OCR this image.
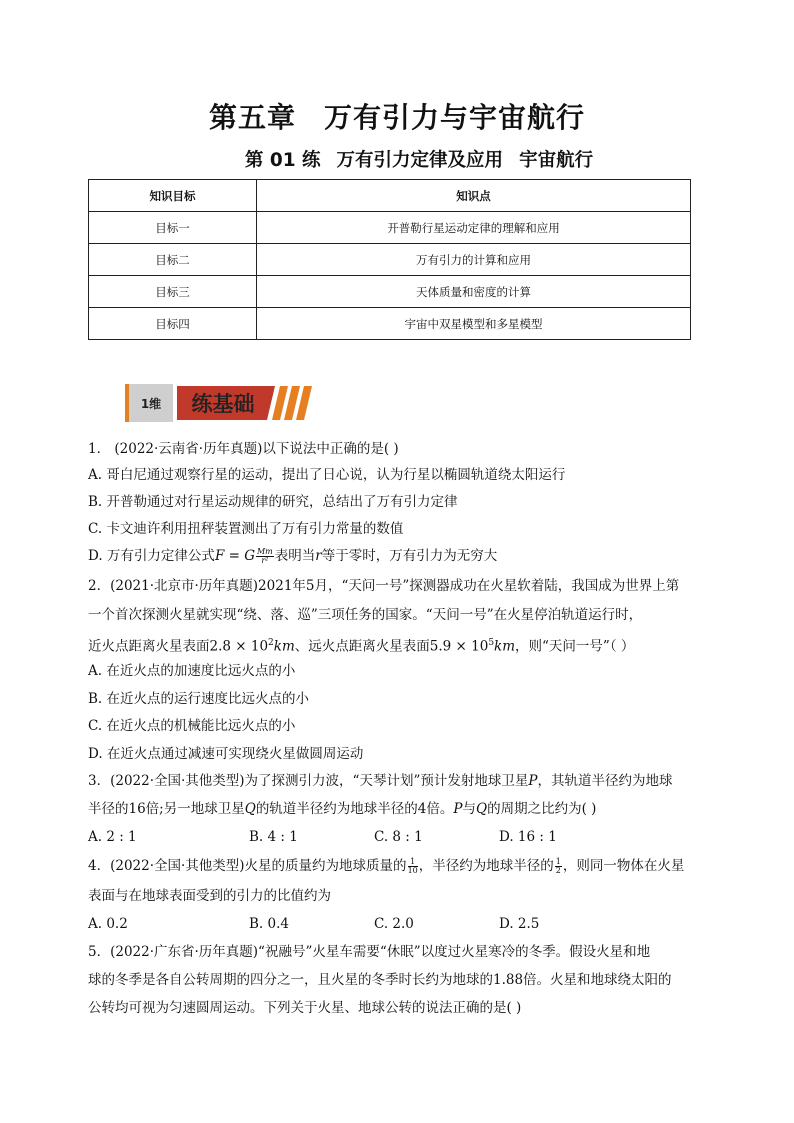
第五章 万有引力与宇宙航行
第 01 练 万有引力定律及应用 宇宙航行
知识目标	知识点
目标一	开普勒行星运动定律的理解和应用
目标二	万有引力的计算和应用
目标三	天体质量和密度的计算
目标四	宇宙中双星模型和多星模型
1维 练基础
1． (2022·云南省·历年真题)以下说法中正确的是( )
A. 哥白尼通过观察行星的运动，提出了日心说，认为行星以椭圆轨道绕太阳运行
B. 开普勒通过对行星运动规律的研究，总结出了万有引力定律
C. 卡文迪许利用扭秤装置测出了万有引力常量的数值
D. 万有引力定律公式F = G $\frac{Mm}{\text{r²}}$ 表明当r等于零时，万有引力为无穷大
2．(2021·北京市·历年真题)2021年5月，“天问一号”探测器成功在火星软着陆，我国成为世界上第
一个首次探测火星就实现“绕、落、巡”三项任务的国家。“天问一号”在火星停泊轨道运行时，
近火点距离火星表面$2.8 \times 10^2km$、远火点距离火星表面$5.9 \times 10^5km$，则“天问一号”（ ）
A. 在近火点的加速度比远火点的小
B. 在近火点的运行速度比远火点的小
C. 在近火点的机械能比远火点的小
D. 在近火点通过减速可实现绕火星做圆周运动
3．(2022·全国·其他类型)为了探测引力波，“天琴计划”预计发射地球卫星P，其轨道半径约为地球
半径的16倍;另一地球卫星Q的轨道半径约为地球半径的4倍。P与Q的周期之比约为( )
A. 2 : 1	B. 4 : 1	C. 8 : 1	D. 16 : 1
4．(2022·全国·其他类型)火星的质量约为地球质量的 $\frac{1}{10}$ ，半径约为地球半径的 $\frac{1}{2}$ ，则同一物体在火星
表面与在地球表面受到的引力的比值约为
A. 0.2	B. 0.4	C. 2.0	D. 2.5
5．(2022·广东省·历年真题)“祝融号”火星车需要“休眠”以度过火星寒冷的冬季。假设火星和地
球的冬季是各自公转周期的四分之一，且火星的冬季时长约为地球的1.88倍。火星和地球绕太阳的
公转均可视为匀速圆周运动。下列关于火星、地球公转的说法正确的是( )
